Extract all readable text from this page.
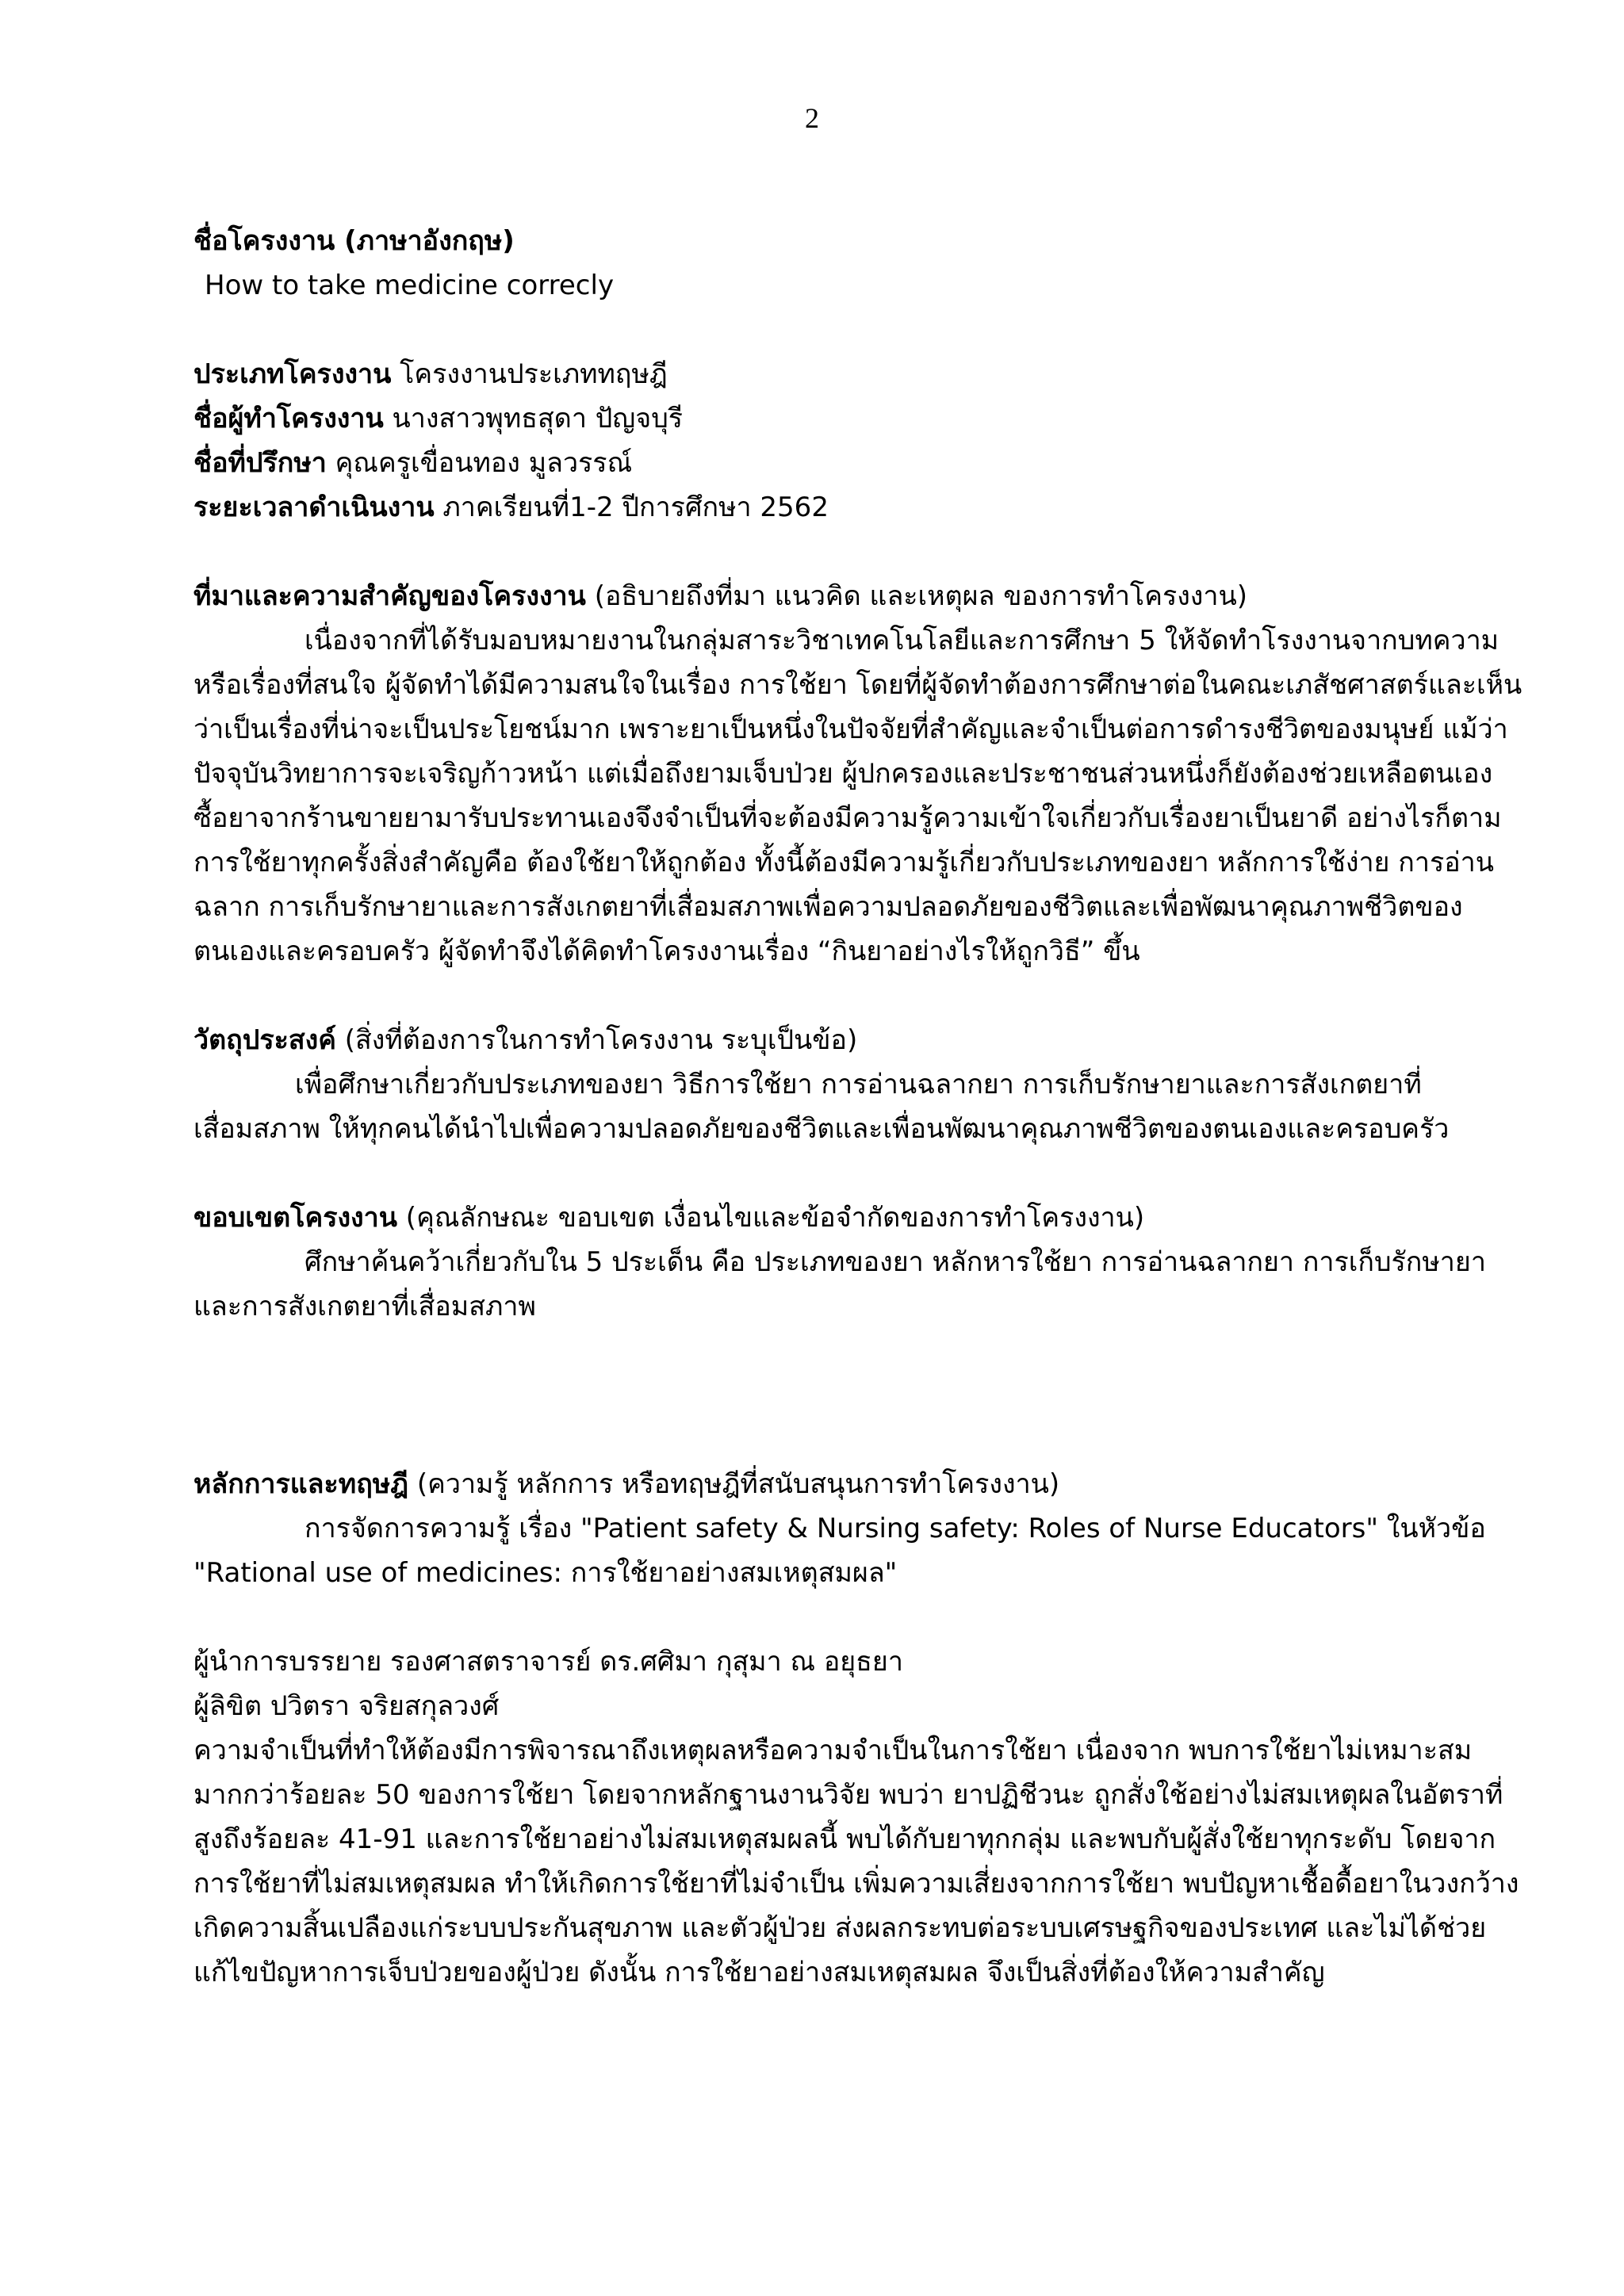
2
ชื่อโครงงาน (ภาษาอังกฤษ)
How to take medicine correcly
ประเภทโครงงาน โครงงานประเภททฤษฎี
ชื่อผู้ทำโครงงาน นางสาวพุทธสุดา ปัญจบุรี
ชื่อที่ปรึกษา คุณครูเขื่อนทอง มูลวรรณ์
ระยะเวลาดำเนินงาน ภาคเรียนที่1-2 ปีการศึกษา 2562
ที่มาและความสำคัญของโครงงาน (อธิบายถึงที่มา แนวคิด และเหตุผล ของการทำโครงงาน)
เนื่องจากที่ได้รับมอบหมายงานในกลุ่มสาระวิชาเทคโนโลยีและการศึกษา 5 ให้จัดทำโรงงานจากบทความ
หรือเรื่องที่สนใจ ผู้จัดทำได้มีความสนใจในเรื่อง การใช้ยา โดยที่ผู้จัดทำต้องการศึกษาต่อในคณะเภสัชศาสตร์และเห็น
ว่าเป็นเรื่องที่น่าจะเป็นประโยชน์มาก เพราะยาเป็นหนึ่งในปัจจัยที่สำคัญและจำเป็นต่อการดำรงชีวิตของมนุษย์ แม้ว่า
ปัจจุบันวิทยาการจะเจริญก้าวหน้า แต่เมื่อถึงยามเจ็บป่วย ผู้ปกครองและประชาชนส่วนหนึ่งก็ยังต้องช่วยเหลือตนเอง
ซื้อยาจากร้านขายยามารับประทานเองจึงจำเป็นที่จะต้องมีความรู้ความเข้าใจเกี่ยวกับเรื่องยาเป็นยาดี อย่างไรก็ตาม
การใช้ยาทุกครั้งสิ่งสำคัญคือ ต้องใช้ยาให้ถูกต้อง ทั้งนี้ต้องมีความรู้เกี่ยวกับประเภทของยา หลักการใช้ง่าย การอ่าน
ฉลาก การเก็บรักษายาและการสังเกตยาที่เสื่อมสภาพเพื่อความปลอดภัยของชีวิตและเพื่อพัฒนาคุณภาพชีวิตของ
ตนเองและครอบครัว ผู้จัดทำจึงได้คิดทำโครงงานเรื่อง “กินยาอย่างไรให้ถูกวิธี” ขึ้น
วัตถุประสงค์ (สิ่งที่ต้องการในการทำโครงงาน ระบุเป็นข้อ)
เพื่อศึกษาเกี่ยวกับประเภทของยา วิธีการใช้ยา การอ่านฉลากยา การเก็บรักษายาและการสังเกตยาที่
เสื่อมสภาพ ให้ทุกคนได้นำไปเพื่อความปลอดภัยของชีวิตและเพื่อนพัฒนาคุณภาพชีวิตของตนเองและครอบครัว
ขอบเขตโครงงาน (คุณลักษณะ ขอบเขต เงื่อนไขและข้อจำกัดของการทำโครงงาน)
ศึกษาค้นคว้าเกี่ยวกับใน 5 ประเด็น คือ ประเภทของยา หลักหารใช้ยา การอ่านฉลากยา การเก็บรักษายา
และการสังเกตยาที่เสื่อมสภาพ
หลักการและทฤษฎี (ความรู้ หลักการ หรือทฤษฎีที่สนับสนุนการทำโครงงาน)
การจัดการความรู้ เรื่อง "Patient safety & Nursing safety: Roles of Nurse Educators" ในหัวข้อ
"Rational use of medicines: การใช้ยาอย่างสมเหตุสมผล"
ผู้นำการบรรยาย รองศาสตราจารย์ ดร.ศศิมา กุสุมา ณ อยุธยา
ผู้ลิขิต ปวิตรา จริยสกุลวงศ์
ความจำเป็นที่ทำให้ต้องมีการพิจารณาถึงเหตุผลหรือความจำเป็นในการใช้ยา เนื่องจาก พบการใช้ยาไม่เหมาะสม
มากกว่าร้อยละ 50 ของการใช้ยา โดยจากหลักฐานงานวิจัย พบว่า ยาปฏิชีวนะ ถูกสั่งใช้อย่างไม่สมเหตุผลในอัตราที่
สูงถึงร้อยละ 41-91 และการใช้ยาอย่างไม่สมเหตุสมผลนี้ พบได้กับยาทุกกลุ่ม และพบกับผู้สั่งใช้ยาทุกระดับ โดยจาก
การใช้ยาที่ไม่สมเหตุสมผล ทำให้เกิดการใช้ยาที่ไม่จำเป็น เพิ่มความเสี่ยงจากการใช้ยา พบปัญหาเชื้อดื้อยาในวงกว้าง
เกิดความสิ้นเปลืองแก่ระบบประกันสุขภาพ และตัวผู้ป่วย ส่งผลกระทบต่อระบบเศรษฐกิจของประเทศ และไม่ได้ช่วย
แก้ไขปัญหาการเจ็บป่วยของผู้ป่วย ดังนั้น การใช้ยาอย่างสมเหตุสมผล จึงเป็นสิ่งที่ต้องให้ความสำคัญ
